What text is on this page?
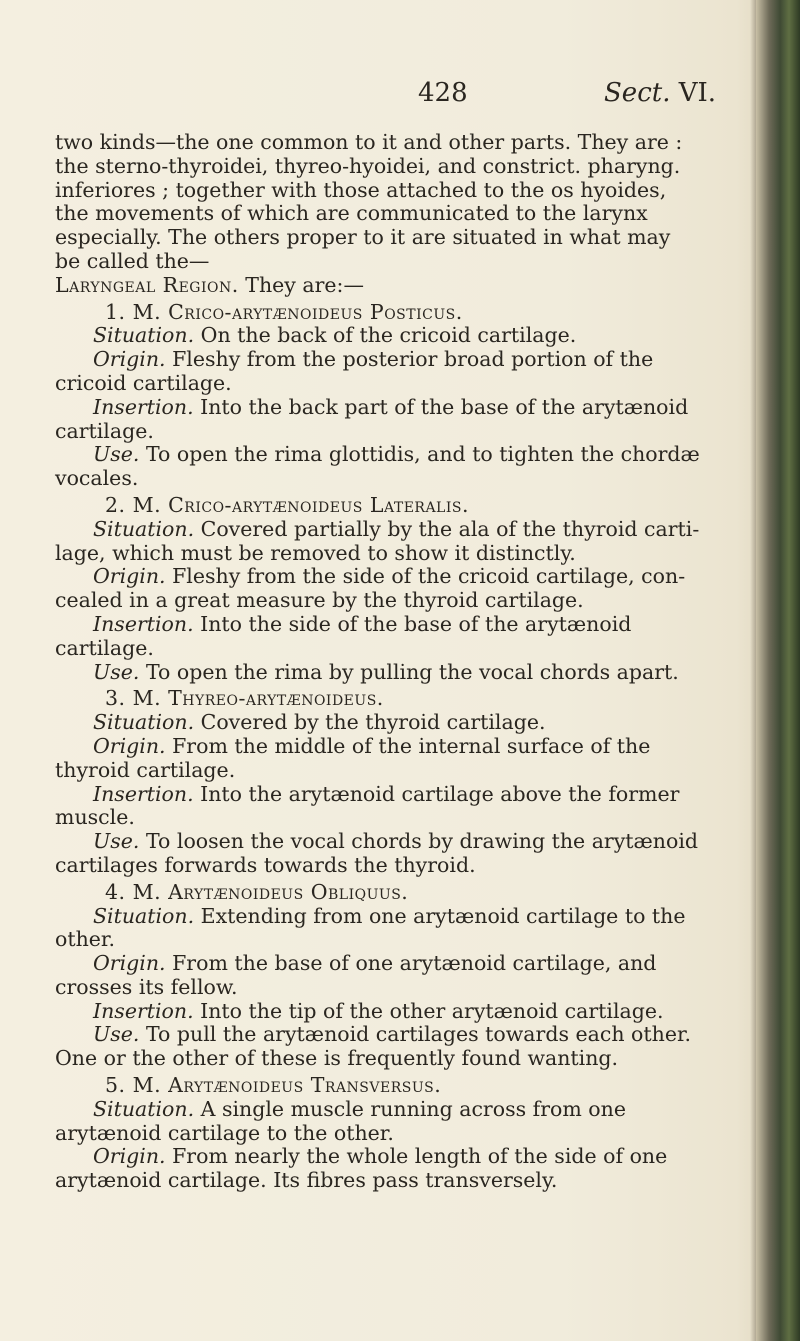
428	Sect. VI.
two kinds—the one common to it and other parts. They are :
the sterno-thyroidei, thyreo-hyoidei, and constrict. pharyng.
inferiores ; together with those attached to the os hyoides,
the movements of which are communicated to the larynx
especially. The others proper to it are situated in what may
be called the—
Laryngeal Region. They are:—
1. M. Crico-arytænoideus Posticus.
Situation. On the back of the cricoid cartilage.
Origin. Fleshy from the posterior broad portion of the
cricoid cartilage.
Insertion. Into the back part of the base of the arytænoid
cartilage.
Use. To open the rima glottidis, and to tighten the chordæ
vocales.
2. M. Crico-arytænoideus Lateralis.
Situation. Covered partially by the ala of the thyroid carti-
lage, which must be removed to show it distinctly.
Origin. Fleshy from the side of the cricoid cartilage, con-
cealed in a great measure by the thyroid cartilage.
Insertion. Into the side of the base of the arytænoid
cartilage.
Use. To open the rima by pulling the vocal chords apart.
3. M. Thyreo-arytænoideus.
Situation. Covered by the thyroid cartilage.
Origin. From the middle of the internal surface of the
thyroid cartilage.
Insertion. Into the arytænoid cartilage above the former
muscle.
Use. To loosen the vocal chords by drawing the arytænoid
cartilages forwards towards the thyroid.
4. M. Arytænoideus Obliquus.
Situation. Extending from one arytænoid cartilage to the
other.
Origin. From the base of one arytænoid cartilage, and
crosses its fellow.
Insertion. Into the tip of the other arytænoid cartilage.
Use. To pull the arytænoid cartilages towards each other.
One or the other of these is frequently found wanting.
5. M. Arytænoideus Transversus.
Situation. A single muscle running across from one
arytænoid cartilage to the other.
Origin. From nearly the whole length of the side of one
arytænoid cartilage. Its fibres pass transversely.
